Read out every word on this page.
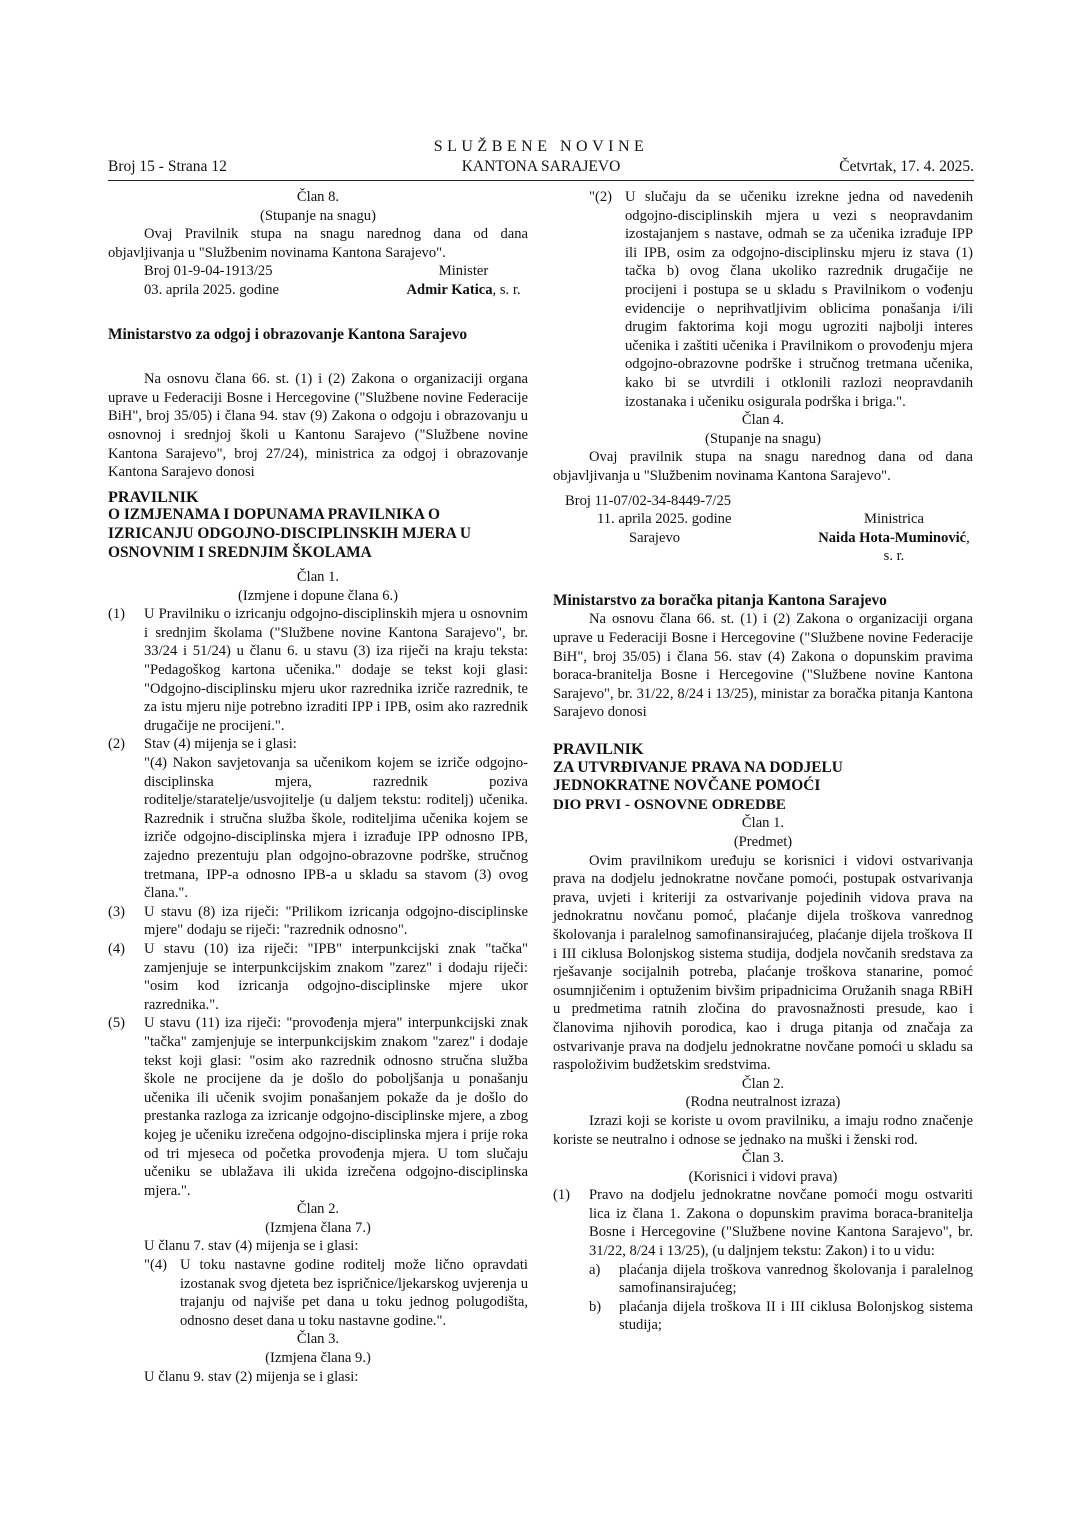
SLUŽBENE NOVINE
Broj 15 - Strana 12	KANTONA SARAJEVO	Četvrtak, 17. 4. 2025.

Član 8.

(Stupanje na snagu)

Ovaj Pravilnik stupa na snagu narednog dana od dana objavljivanja u "Službenim novinama Kantona Sarajevo".

Broj 01-9-04-1913/25
03. aprila 2025. godine
Minister
Admir Katica, s. r.

Ministarstvo za odgoj i obrazovanje Kantona Sarajevo

Na osnovu člana 66. st. (1) i (2) Zakona o organizaciji organa uprave u Federaciji Bosne i Hercegovine ("Službene novine Federacije BiH", broj 35/05) i člana 94. stav (9) Zakona o odgoju i obrazovanju u osnovnoj i srednjoj školi u Kantonu Sarajevo ("Službene novine Kantona Sarajevo", broj 27/24), ministrica za odgoj i obrazovanje Kantona Sarajevo donosi

PRAVILNIK

O IZMJENAMA I DOPUNAMA PRAVILNIKA O

IZRICANJU ODGOJNO-DISCIPLINSKIH MJERA U

OSNOVNIM I SREDNJIM ŠKOLAMA

Član 1.

(Izmjene i dopune člana 6.)

(1)	U Pravilniku o izricanju odgojno-disciplinskih mjera u osnovnim i srednjim školama ("Službene novine Kantona Sarajevo", br. 33/24 i 51/24) u članu 6. u stavu (3) iza riječi na kraju teksta: "Pedagoškog kartona učenika." dodaje se tekst koji glasi: "Odgojno-disciplinsku mjeru ukor razrednika izriče razrednik, te za istu mjeru nije potrebno izraditi IPP i IPB, osim ako razrednik drugačije ne procijeni.".
(2)	Stav (4) mijenja se i glasi:
"(4) Nakon savjetovanja sa učenikom kojem se izriče odgojno-disciplinska mjera, razrednik poziva roditelje/staratelje/usvojitelje (u daljem tekstu: roditelj) učenika. Razrednik i stručna služba škole, roditeljima učenika kojem se izriče odgojno-disciplinska mjera i izrađuje IPP odnosno IPB, zajedno prezentuju plan odgojno-obrazovne podrške, stručnog tretmana, IPP-a odnosno IPB-a u skladu sa stavom (3) ovog člana.".
(3)	U stavu (8) iza riječi: "Prilikom izricanja odgojno-disciplinske mjere" dodaju se riječi: "razrednik odnosno".
(4)	U stavu (10) iza riječi: "IPB" interpunkcijski znak "tačka" zamjenjuje se interpunkcijskim znakom "zarez" i dodaju riječi: "osim kod izricanja odgojno-disciplinske mjere ukor razrednika.".
(5)	U stavu (11) iza riječi: "provođenja mjera" interpunkcijski znak "tačka" zamjenjuje se interpunkcijskim znakom "zarez" i dodaje tekst koji glasi: "osim ako razrednik odnosno stručna služba škole ne procijene da je došlo do poboljšanja u ponašanju učenika ili učenik svojim ponašanjem pokaže da je došlo do prestanka razloga za izricanje odgojno-disciplinske mjere, a zbog kojeg je učeniku izrečena odgojno-disciplinska mjera i prije roka od tri mjeseca od početka provođenja mjera. U tom slučaju učeniku se ublažava ili ukida izrečena odgojno-disciplinska mjera.".

Član 2.

(Izmjena člana 7.)

U članu 7. stav (4) mijenja se i glasi:

"(4) U toku nastavne godine roditelj može lično opravdati izostanak svog djeteta bez ispričnice/ljekarskog uvjerenja u trajanju od najviše pet dana u toku jednog polugodišta, odnosno deset dana u toku nastavne godine.".

Član 3.

(Izmjena člana 9.)

U članu 9. stav (2) mijenja se i glasi:

"(2) U slučaju da se učeniku izrekne jedna od navedenih odgojno-disciplinskih mjera u vezi s neopravdanim izostajanjem s nastave, odmah se za učenika izrađuje IPP ili IPB, osim za odgojno-disciplinsku mjeru iz stava (1) tačka b) ovog člana ukoliko razrednik drugačije ne procijeni i postupa se u skladu s Pravilnikom o vođenju evidencije o neprihvatljivim oblicima ponašanja i/ili drugim faktorima koji mogu ugroziti najbolji interes učenika i zaštiti učenika i Pravilnikom o provođenju mjera odgojno-obrazovne podrške i stručnog tretmana učenika, kako bi se utvrdili i otklonili razlozi neopravdanih izostanaka i učeniku osigurala podrška i briga.".

Član 4.

(Stupanje na snagu)

Ovaj pravilnik stupa na snagu narednog dana od dana objavljivanja u "Službenim novinama Kantona Sarajevo".

Broj 11-07/02-34-8449-7/25
11. aprila 2025. godine
Sarajevo

Ministrica
Naida Hota-Muminović, s. r.

Ministarstvo za boračka pitanja Kantona Sarajevo

Na osnovu člana 66. st. (1) i (2) Zakona o organizaciji organa uprave u Federaciji Bosne i Hercegovine ("Službene novine Federacije BiH", broj 35/05) i člana 56. stav (4) Zakona o dopunskim pravima boraca-branitelja Bosne i Hercegovine ("Službene novine Kantona Sarajevo", br. 31/22, 8/24 i 13/25), ministar za boračka pitanja Kantona Sarajevo donosi

PRAVILNIK

ZA UTVRĐIVANJE PRAVA NA DODJELU

JEDNOKRATNE NOVČANE POMOĆI

DIO PRVI - OSNOVNE ODREDBE

Član 1.

(Predmet)

Ovim pravilnikom uređuju se korisnici i vidovi ostvarivanja prava na dodjelu jednokratne novčane pomoći, postupak ostvarivanja prava, uvjeti i kriteriji za ostvarivanje pojedinih vidova prava na jednokratnu novčanu pomoć, plaćanje dijela troškova vanrednog školovanja i paralelnog samofinansirajućeg, plaćanje dijela troškova II i III ciklusa Bolonjskog sistema studija, dodjela novčanih sredstava za rješavanje socijalnih potreba, plaćanje troškova stanarine, pomoć osumnjičenim i optuženim bivšim pripadnicima Oružanih snaga RBiH u predmetima ratnih zločina do pravosnažnosti presude, kao i članovima njihovih porodica, kao i druga pitanja od značaja za ostvarivanje prava na dodjelu jednokratne novčane pomoći u skladu sa raspoloživim budžetskim sredstvima.

Član 2.

(Rodna neutralnost izraza)

Izrazi koji se koriste u ovom pravilniku, a imaju rodno značenje koriste se neutralno i odnose se jednako na muški i ženski rod.

Član 3.

(Korisnici i vidovi prava)

(1)	Pravo na dodjelu jednokratne novčane pomoći mogu ostvariti lica iz člana 1. Zakona o dopunskim pravima boraca-branitelja Bosne i Hercegovine ("Službene novine Kantona Sarajevo", br. 31/22, 8/24 i 13/25), (u daljnjem tekstu: Zakon) i to u vidu:
a)	plaćanja dijela troškova vanrednog školovanja i paralelnog samofinansirajućeg;
b)	plaćanja dijela troškova II i III ciklusa Bolonjskog sistema studija;
